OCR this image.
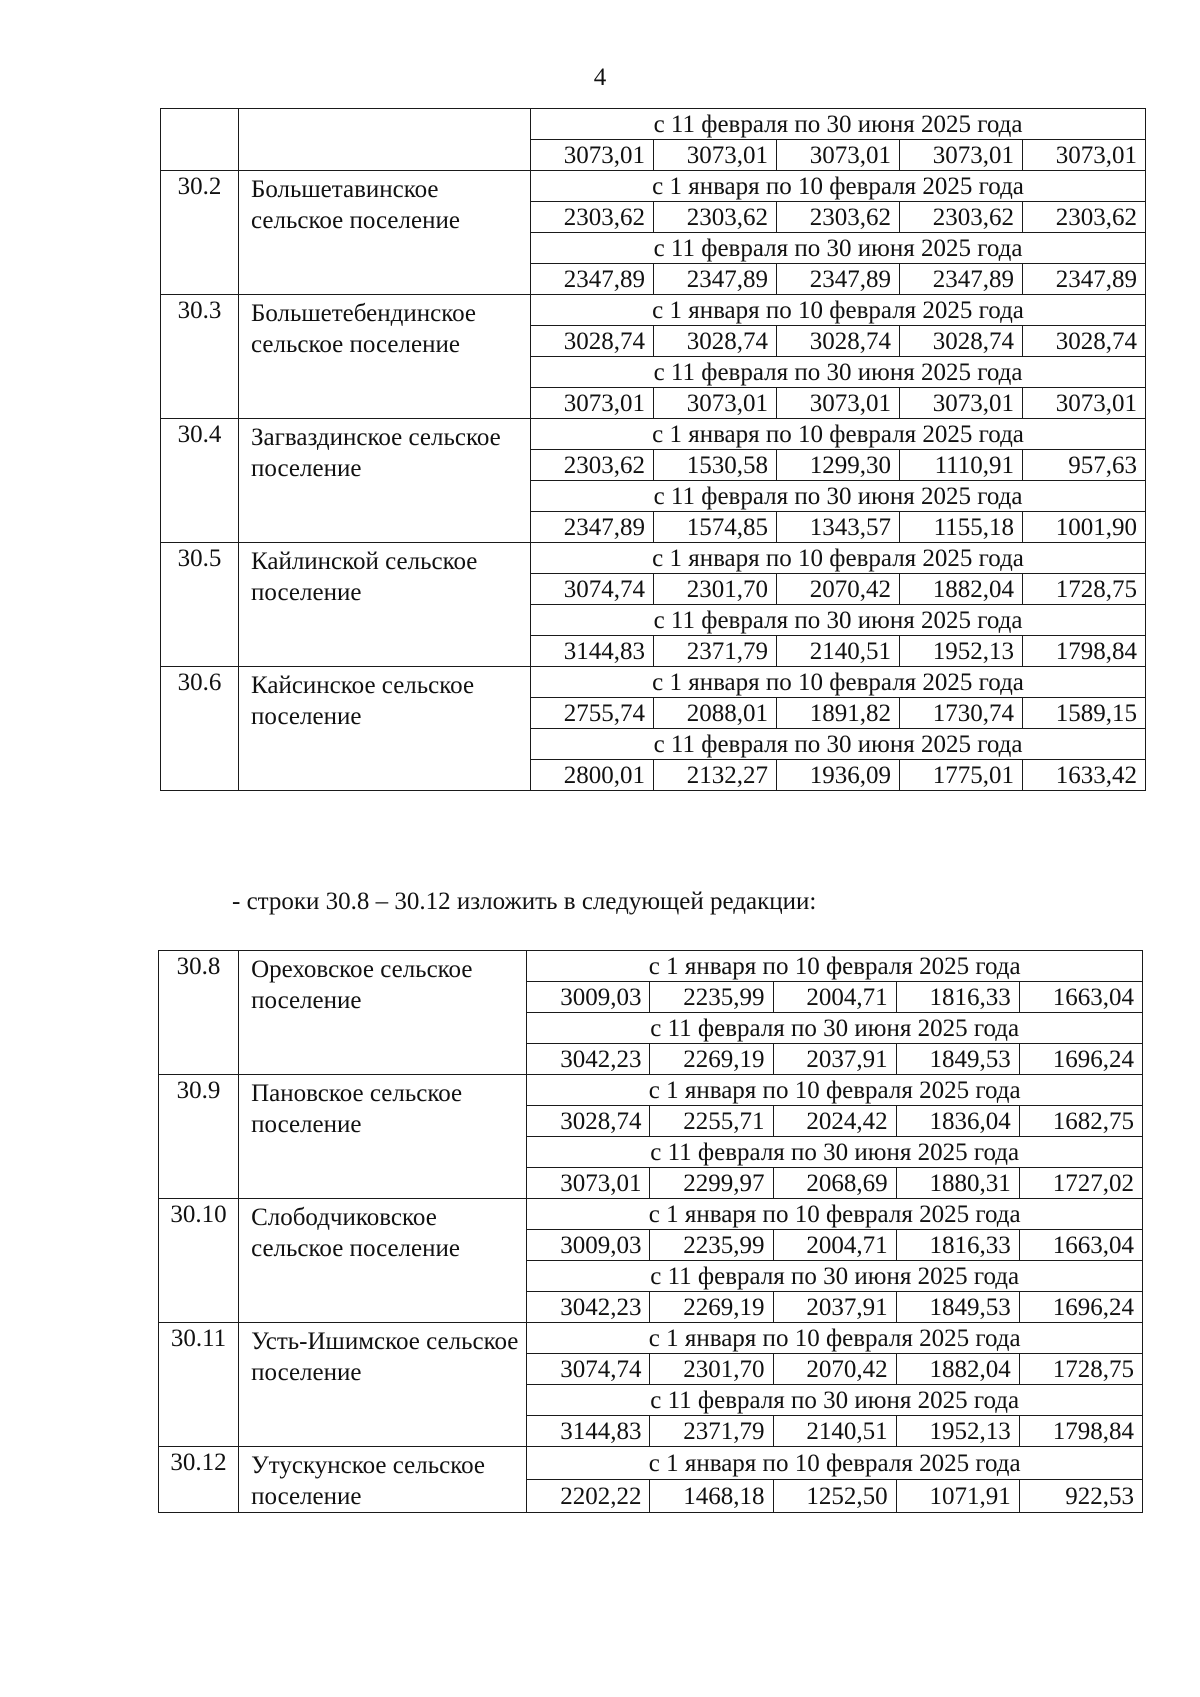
4
		с 11 февраля по 30 июня 2025 года				
		3073,01	3073,01	3073,01	3073,01	3073,01
30.2	Большетавинское сельское поселение	с 1 января по 10 февраля 2025 года				
		2303,62	2303,62	2303,62	2303,62	2303,62
		с 11 февраля по 30 июня 2025 года				
		2347,89	2347,89	2347,89	2347,89	2347,89
30.3	Большетебендинское сельское поселение	с 1 января по 10 февраля 2025 года				
		3028,74	3028,74	3028,74	3028,74	3028,74
		с 11 февраля по 30 июня 2025 года				
		3073,01	3073,01	3073,01	3073,01	3073,01
30.4	Загваздинское сельское поселение	с 1 января по 10 февраля 2025 года				
		2303,62	1530,58	1299,30	1110,91	957,63
		с 11 февраля по 30 июня 2025 года				
		2347,89	1574,85	1343,57	1155,18	1001,90
30.5	Кайлинской сельское поселение	с 1 января по 10 февраля 2025 года				
		3074,74	2301,70	2070,42	1882,04	1728,75
		с 11 февраля по 30 июня 2025 года				
		3144,83	2371,79	2140,51	1952,13	1798,84
30.6	Кайсинское сельское поселение	с 1 января по 10 февраля 2025 года				
		2755,74	2088,01	1891,82	1730,74	1589,15
		с 11 февраля по 30 июня 2025 года				
		2800,01	2132,27	1936,09	1775,01	1633,42
- строки 30.8 – 30.12 изложить в следующей редакции:
30.8	Ореховское сельское поселение	с 1 января по 10 февраля 2025 года				
		3009,03	2235,99	2004,71	1816,33	1663,04
		с 11 февраля по 30 июня 2025 года				
		3042,23	2269,19	2037,91	1849,53	1696,24
30.9	Пановское сельское поселение	с 1 января по 10 февраля 2025 года				
		3028,74	2255,71	2024,42	1836,04	1682,75
		с 11 февраля по 30 июня 2025 года				
		3073,01	2299,97	2068,69	1880,31	1727,02
30.10	Слободчиковское сельское поселение	с 1 января по 10 февраля 2025 года				
		3009,03	2235,99	2004,71	1816,33	1663,04
		с 11 февраля по 30 июня 2025 года				
		3042,23	2269,19	2037,91	1849,53	1696,24
30.11	Усть-Ишимское сельское поселение	с 1 января по 10 февраля 2025 года				
		3074,74	2301,70	2070,42	1882,04	1728,75
		с 11 февраля по 30 июня 2025 года				
		3144,83	2371,79	2140,51	1952,13	1798,84
30.12	Утускунское сельское поселение	с 1 января по 10 февраля 2025 года				
		2202,22	1468,18	1252,50	1071,91	922,53
